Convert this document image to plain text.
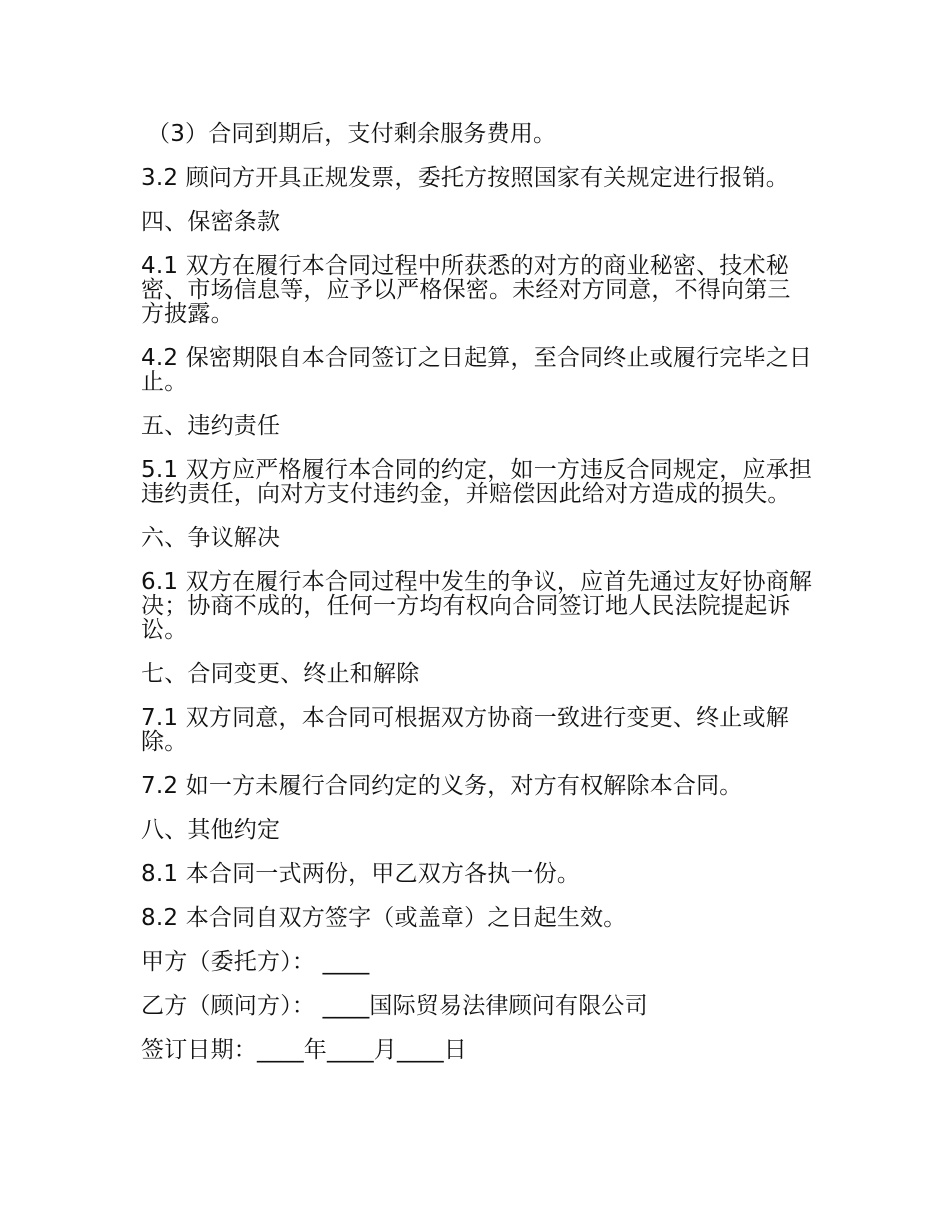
（3）合同到期后，支付剩余服务费用。

3.2 顾问方开具正规发票，委托方按照国家有关规定进行报销。

四、保密条款

4.1 双方在履行本合同过程中所获悉的对方的商业秘密、技术秘密、市场信息等，应予以严格保密。未经对方同意，不得向第三方披露。

4.2 保密期限自本合同签订之日起算，至合同终止或履行完毕之日止。

五、违约责任

5.1 双方应严格履行本合同的约定，如一方违反合同规定，应承担违约责任，向对方支付违约金，并赔偿因此给对方造成的损失。

六、争议解决

6.1 双方在履行本合同过程中发生的争议，应首先通过友好协商解决；协商不成的，任何一方均有权向合同签订地人民法院提起诉讼。

七、合同变更、终止和解除

7.1 双方同意，本合同可根据双方协商一致进行变更、终止或解除。

7.2 如一方未履行合同约定的义务，对方有权解除本合同。

八、其他约定

8.1 本合同一式两份，甲乙双方各执一份。

8.2 本合同自双方签字（或盖章）之日起生效。

甲方（委托方）： ____

乙方（顾问方）： ____国际贸易法律顾问有限公司

签订日期：____年____月____日
